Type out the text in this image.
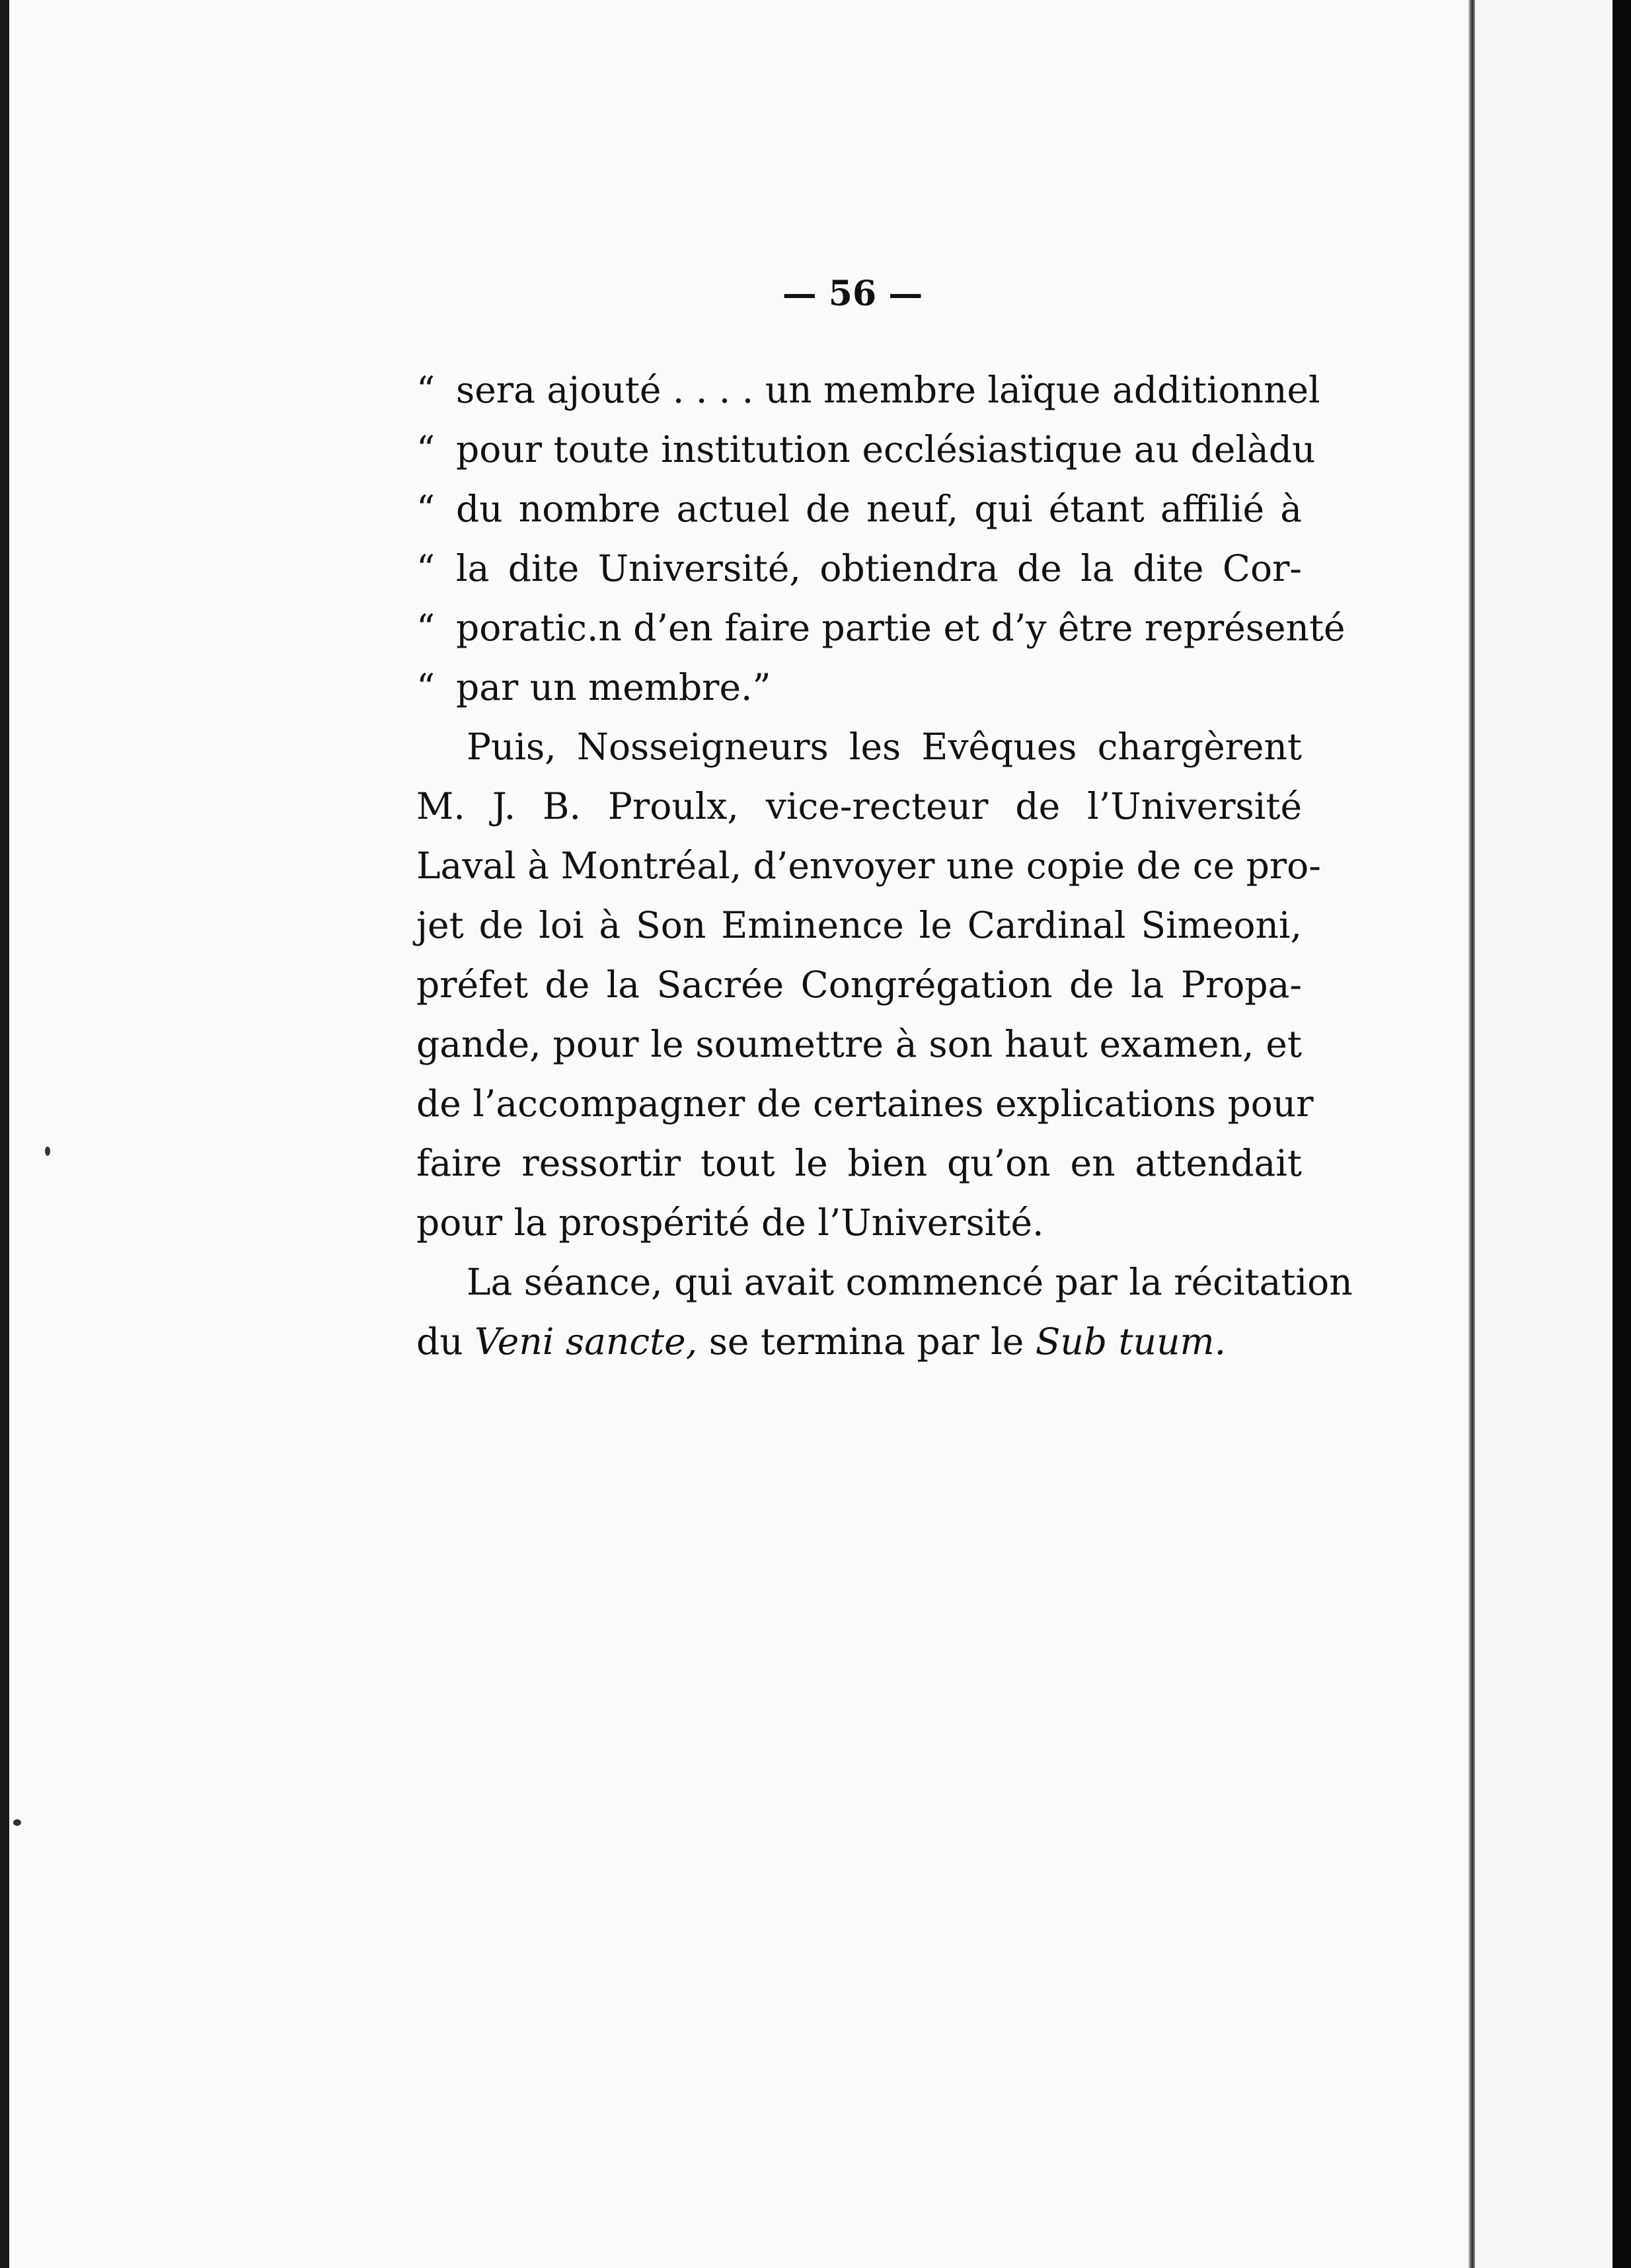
— 56 —
“ sera ajouté . . . . un membre laïque additionnel
“ pour toute institution ecclésiastique au delàdu
“ du nombre actuel de neuf, qui étant affilié à
“ la dite Université, obtiendra de la dite Cor-
“ poratic.n d’en faire partie et d’y être représenté
“ par un membre.”
Puis, Nosseigneurs les Evêques chargèrent
M. J. B. Proulx, vice-recteur de l’Université
Laval à Montréal, d’envoyer une copie de ce pro-
jet de loi à Son Eminence le Cardinal Simeoni,
préfet de la Sacrée Congrégation de la Propa-
gande, pour le soumettre à son haut examen, et
de l’accompagner de certaines explications pour
faire ressortir tout le bien qu’on en attendait
pour la prospérité de l’Université.
La séance, qui avait commencé par la récitation
du Veni sancte, se termina par le Sub tuum.
